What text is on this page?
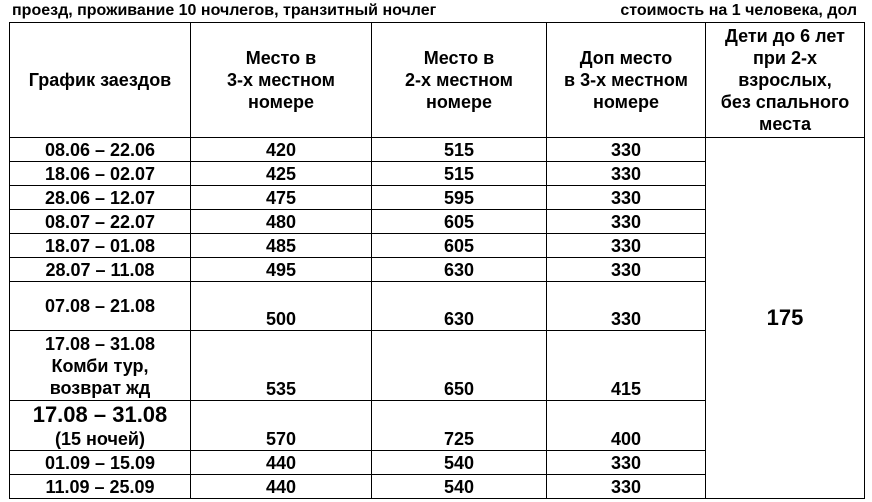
проезд, проживание 10 ночлегов, транзитный ночлег	стоимость на 1 человека, дол
График заездов	Место в
3-х местном
номере	Место в
2-х местном
номере	Доп место
в 3-х местном
номере	Дети до 6 лет
при 2-х
взрослых,
без спального
места

08.06 – 22.06	420	515	330	175
18.06 – 02.07	425	515	330	
28.06 – 12.07	475	595	330	
08.07 – 22.07	480	605	330	
18.07 – 01.08	485	605	330	
28.07 – 11.08	495	630	330	
07.08 – 21.08	500	630	330	

17.08 – 31.08
Комби тур,
возврат жд	535	650	415	

17.08 – 31.08
(15 ночей)	570	725	400	
01.09 – 15.09	440	540	330	
11.09 – 25.09	440	540	330	
